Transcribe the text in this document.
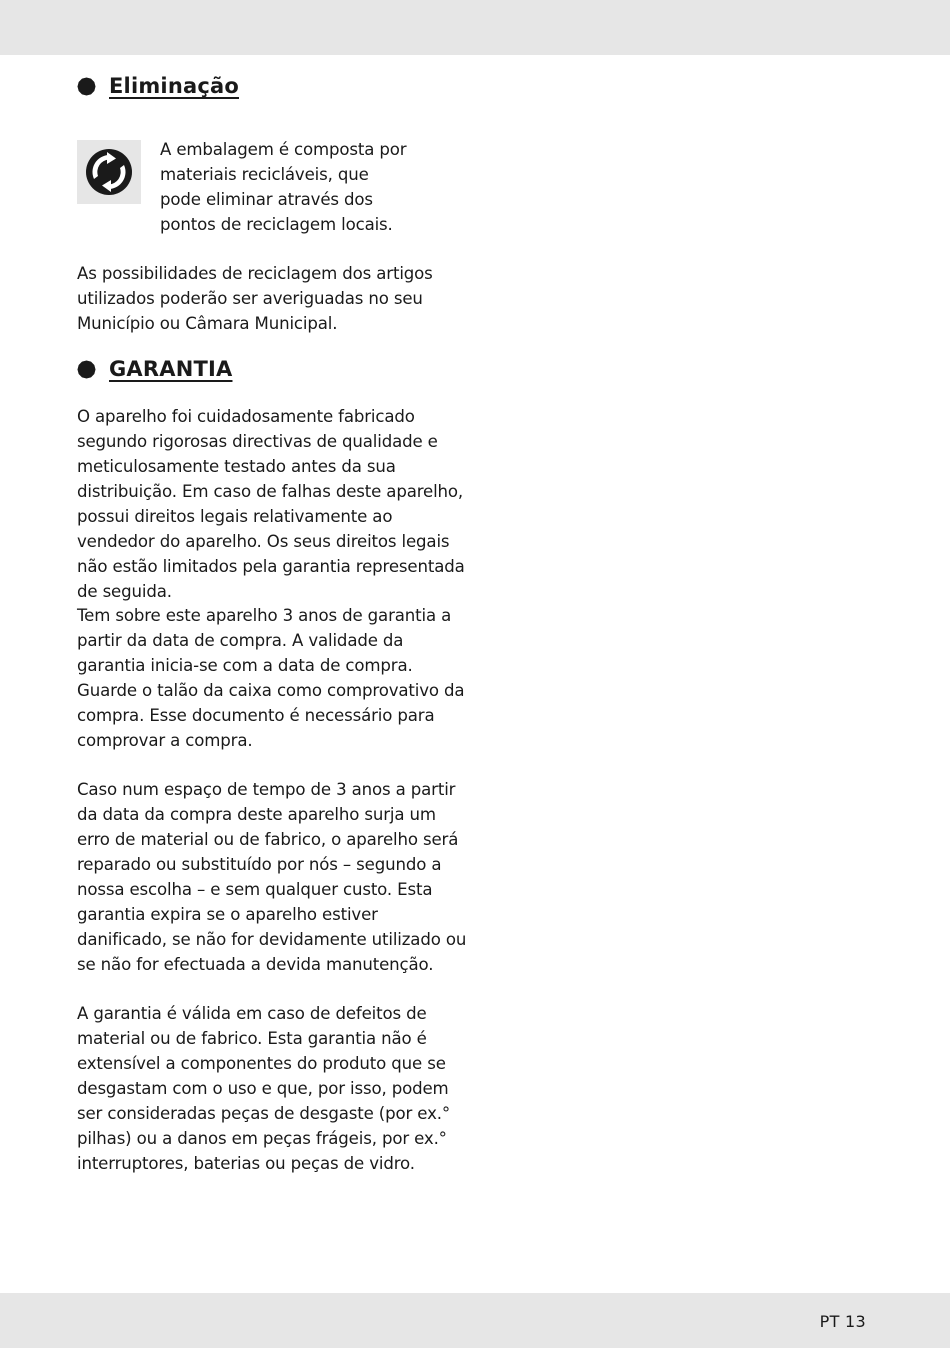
Eliminação

A embalagem é composta por materiais recicláveis, que pode eliminar através dos pontos de reciclagem locais.

As possibilidades de reciclagem dos artigos utilizados poderão ser averiguadas no seu Município ou Câmara Municipal.

GARANTIA

O aparelho foi cuidadosamente fabricado segundo rigorosas directivas de qualidade e meticulosamente testado antes da sua distribuição. Em caso de falhas deste aparelho, possui direitos legais relativamente ao vendedor do aparelho. Os seus direitos legais não estão limitados pela garantia representada de seguida.

Tem sobre este aparelho 3 anos de garantia a partir da data de compra. A validade da garantia inicia-se com a data de compra. Guarde o talão da caixa como comprovativo da compra. Esse documento é necessário para comprovar a compra.

Caso num espaço de tempo de 3 anos a partir da data da compra deste aparelho surja um erro de material ou de fabrico, o aparelho será reparado ou substituído por nós – segundo a nossa escolha – e sem qualquer custo. Esta garantia expira se o aparelho estiver danificado, se não for devidamente utilizado ou se não for efectuada a devida manutenção.

A garantia é válida em caso de defeitos de material ou de fabrico. Esta garantia não é extensível a componentes do produto que se desgastam com o uso e que, por isso, podem ser consideradas peças de desgaste (por ex.° pilhas) ou a danos em peças frágeis, por ex.° interruptores, baterias ou peças de vidro.

PT 13
